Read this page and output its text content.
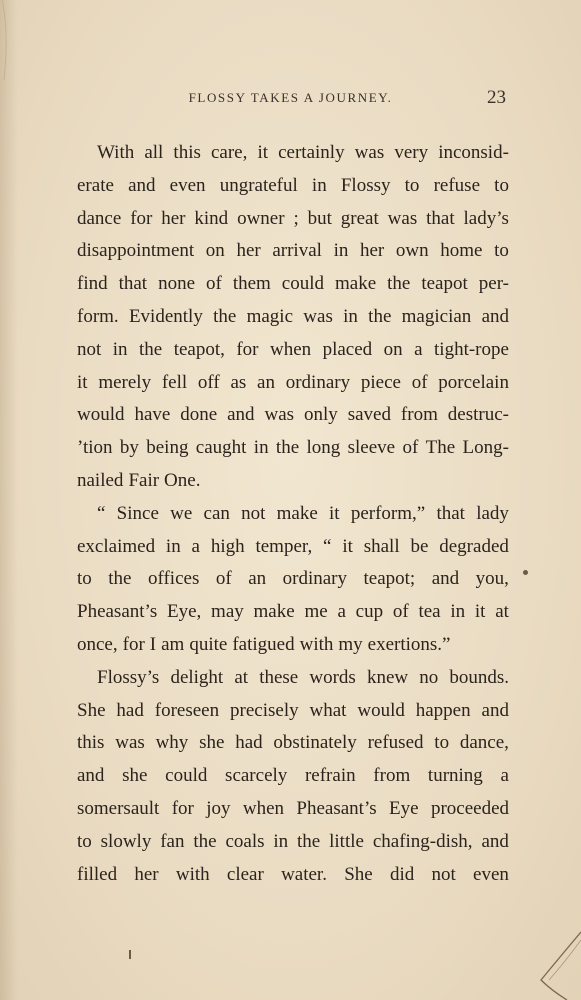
FLOSSY TAKES A JOURNEY.	23
With all this care, it certainly was very inconsid-
erate and even ungrateful in Flossy to refuse to
dance for her kind owner ; but great was that lady’s
disappointment on her arrival in her own home to
find that none of them could make the teapot per-
form. Evidently the magic was in the magician and
not in the teapot, for when placed on a tight-rope
it merely fell off as an ordinary piece of porcelain
would have done and was only saved from destruc-
’tion by being caught in the long sleeve of The Long-
nailed Fair One.
“ Since we can not make it perform,” that lady
exclaimed in a high temper, “ it shall be degraded
to the offices of an ordinary teapot; and you,
Pheasant’s Eye, may make me a cup of tea in it at
once, for I am quite fatigued with my exertions.”
Flossy’s delight at these words knew no bounds.
She had foreseen precisely what would happen and
this was why she had obstinately refused to dance,
and she could scarcely refrain from turning a
somersault for joy when Pheasant’s Eye proceeded
to slowly fan the coals in the little chafing-dish, and
filled her with clear water. She did not even
